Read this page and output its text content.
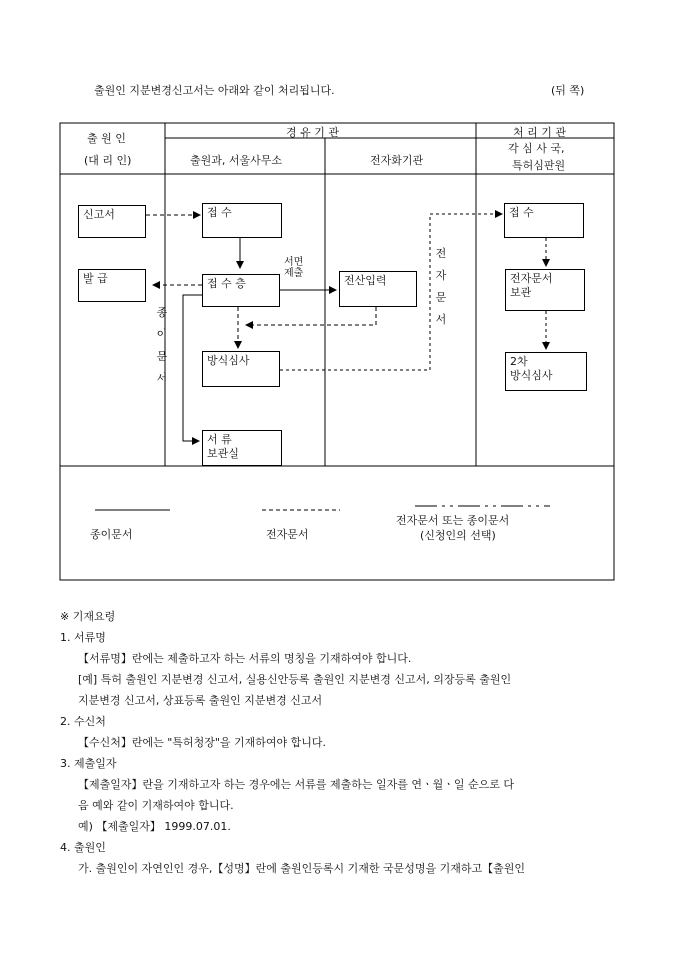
출원인 지분변경신고서는 아래와 같이 처리됩니다.	(뒤 쪽)
출 원 인
(대 리 인)
경 유 기 관
출원과, 서울사무소	전자화기관
처 리 기 관
각 심 사 국,
특허심판원
신고서
발 급
접 수
접 수 층	전산입력
방식심사
서 류
보관실
접 수
전자문서
보관
2차
방식심사
서면
제출
종
이
문
서
전
자
문
서
종이문서	전자문서
전자문서 또는 종이문서
(신청인의 선택)
※ 기재요령
1. 서류명
【서류명】란에는 제출하고자 하는 서류의 명칭을 기재하여야 합니다.
[예] 특허 출원인 지분변경 신고서, 실용신안등록 출원인 지분변경 신고서, 의장등록 출원인
지분변경 신고서, 상표등록 출원인 지분변경 신고서
2. 수신처
【수신처】란에는 "특허청장"을 기재하여야 합니다.
3. 제출일자
【제출일자】란을 기재하고자 하는 경우에는 서류를 제출하는 일자를 연ㆍ월ㆍ일 순으로 다
음 예와 같이 기재하여야 합니다.
예) 【제출일자】 1999.07.01.
4. 출원인
가. 출원인이 자연인인 경우,【성명】란에 출원인등록시 기재한 국문성명을 기재하고【출원인
